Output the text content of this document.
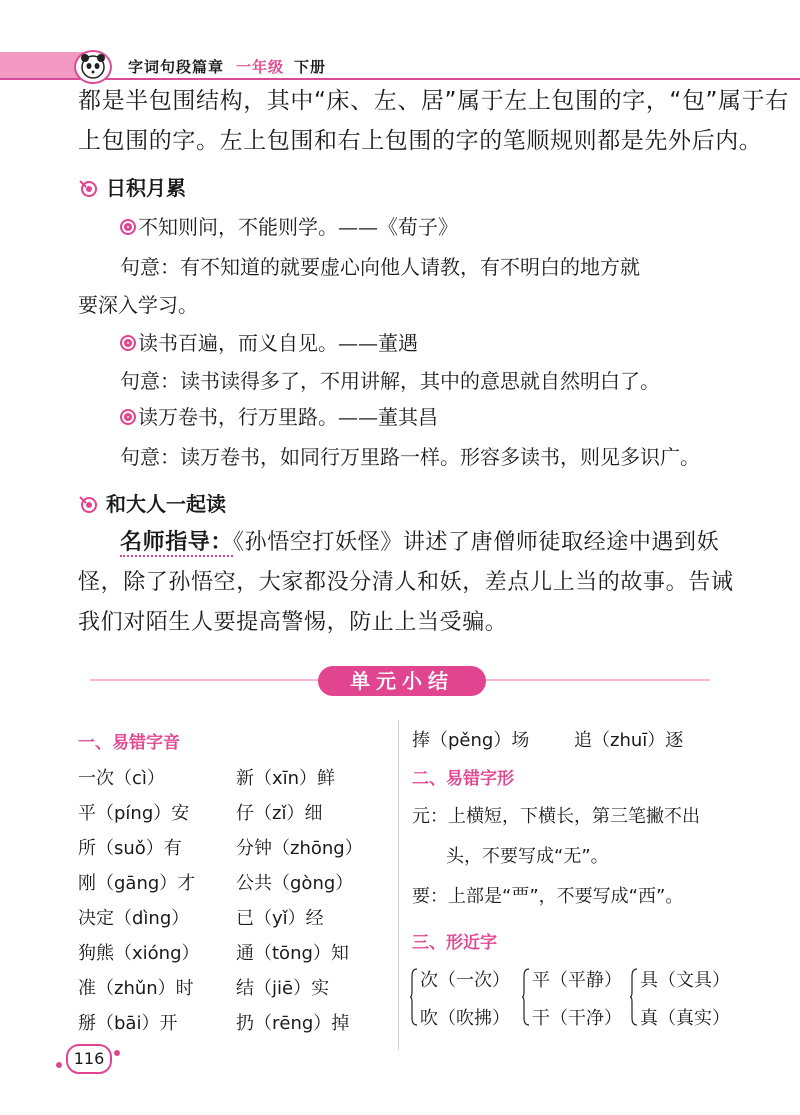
字词句段篇章 一年级 下册
都是半包围结构，其中“床、左、居”属于左上包围的字，“包”属于右
上包围的字。左上包围和右上包围的字的笔顺规则都是先外后内。
日积月累
不知则问，不能则学。——《荀子》
句意：有不知道的就要虚心向他人请教，有不明白的地方就
要深入学习。
读书百遍，而义自见。——董遇
句意：读书读得多了，不用讲解，其中的意思就自然明白了。
读万卷书，行万里路。——董其昌
句意：读万卷书，如同行万里路一样。形容多读书，则见多识广。
和大人一起读
名师指导：《孙悟空打妖怪》讲述了唐僧师徒取经途中遇到妖
怪，除了孙悟空，大家都没分清人和妖，差点儿上当的故事。告诫
我们对陌生人要提高警惕，防止上当受骗。
单元小结
一、易错字音
一次（cì）
平（píng）安
所（suǒ）有
刚（gāng）才
决定（dìng）
狗熊（xióng）
准（zhǔn）时
掰（bāi）开
新（xīn）鲜
仔（zǐ）细
分钟（zhōng）
公共（gòng）
已（yǐ）经
通（tōng）知
结（jiē）实
扔（rēng）掉
捧（pěng）场 追（zhuī）逐
二、易错字形
元：上横短，下横长，第三笔撇不出
头，不要写成“无”。
要：上部是“覀”，不要写成“西”。
三、形近字
次（一次）
吹（吹拂）
平（平静）
干（干净）
具（文具）
真（真实）
116
